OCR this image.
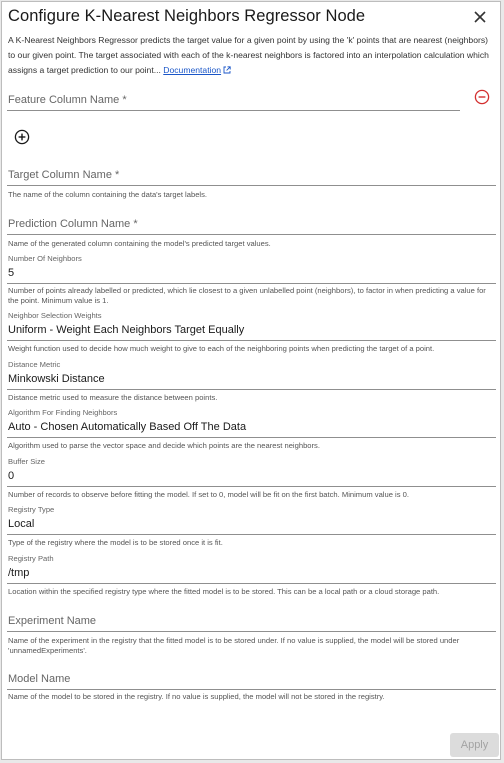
Configure K-Nearest Neighbors Regressor Node
A K-Nearest Neighbors Regressor predicts the target value for a given point by using the 'k' points that are nearest (neighbors) to our given point. The target associated with each of the k-nearest neighbors is factored into an interpolation calculation which assigns a target prediction to our point... Documentation
Feature Column Name *
Target Column Name *
The name of the column containing the data's target labels.
Prediction Column Name *
Name of the generated column containing the model's predicted target values.
Number Of Neighbors
5
Number of points already labelled or predicted, which lie closest to a given unlabelled point (neighbors), to factor in when predicting a value for the point. Minimum value is 1.
Neighbor Selection Weights
Uniform - Weight Each Neighbors Target Equally
Weight function used to decide how much weight to give to each of the neighboring points when predicting the target of a point.
Distance Metric
Minkowski Distance
Distance metric used to measure the distance between points.
Algorithm For Finding Neighbors
Auto - Chosen Automatically Based Off The Data
Algorithm used to parse the vector space and decide which points are the nearest neighbors.
Buffer Size
0
Number of records to observe before fitting the model. If set to 0, model will be fit on the first batch. Minimum value is 0.
Registry Type
Local
Type of the registry where the model is to be stored once it is fit.
Registry Path
/tmp
Location within the specified registry type where the fitted model is to be stored. This can be a local path or a cloud storage path.
Experiment Name
Name of the experiment in the registry that the fitted model is to be stored under. If no value is supplied, the model will be stored under 'unnamedExperiments'.
Model Name
Name of the model to be stored in the registry. If no value is supplied, the model will not be stored in the registry.
Apply
